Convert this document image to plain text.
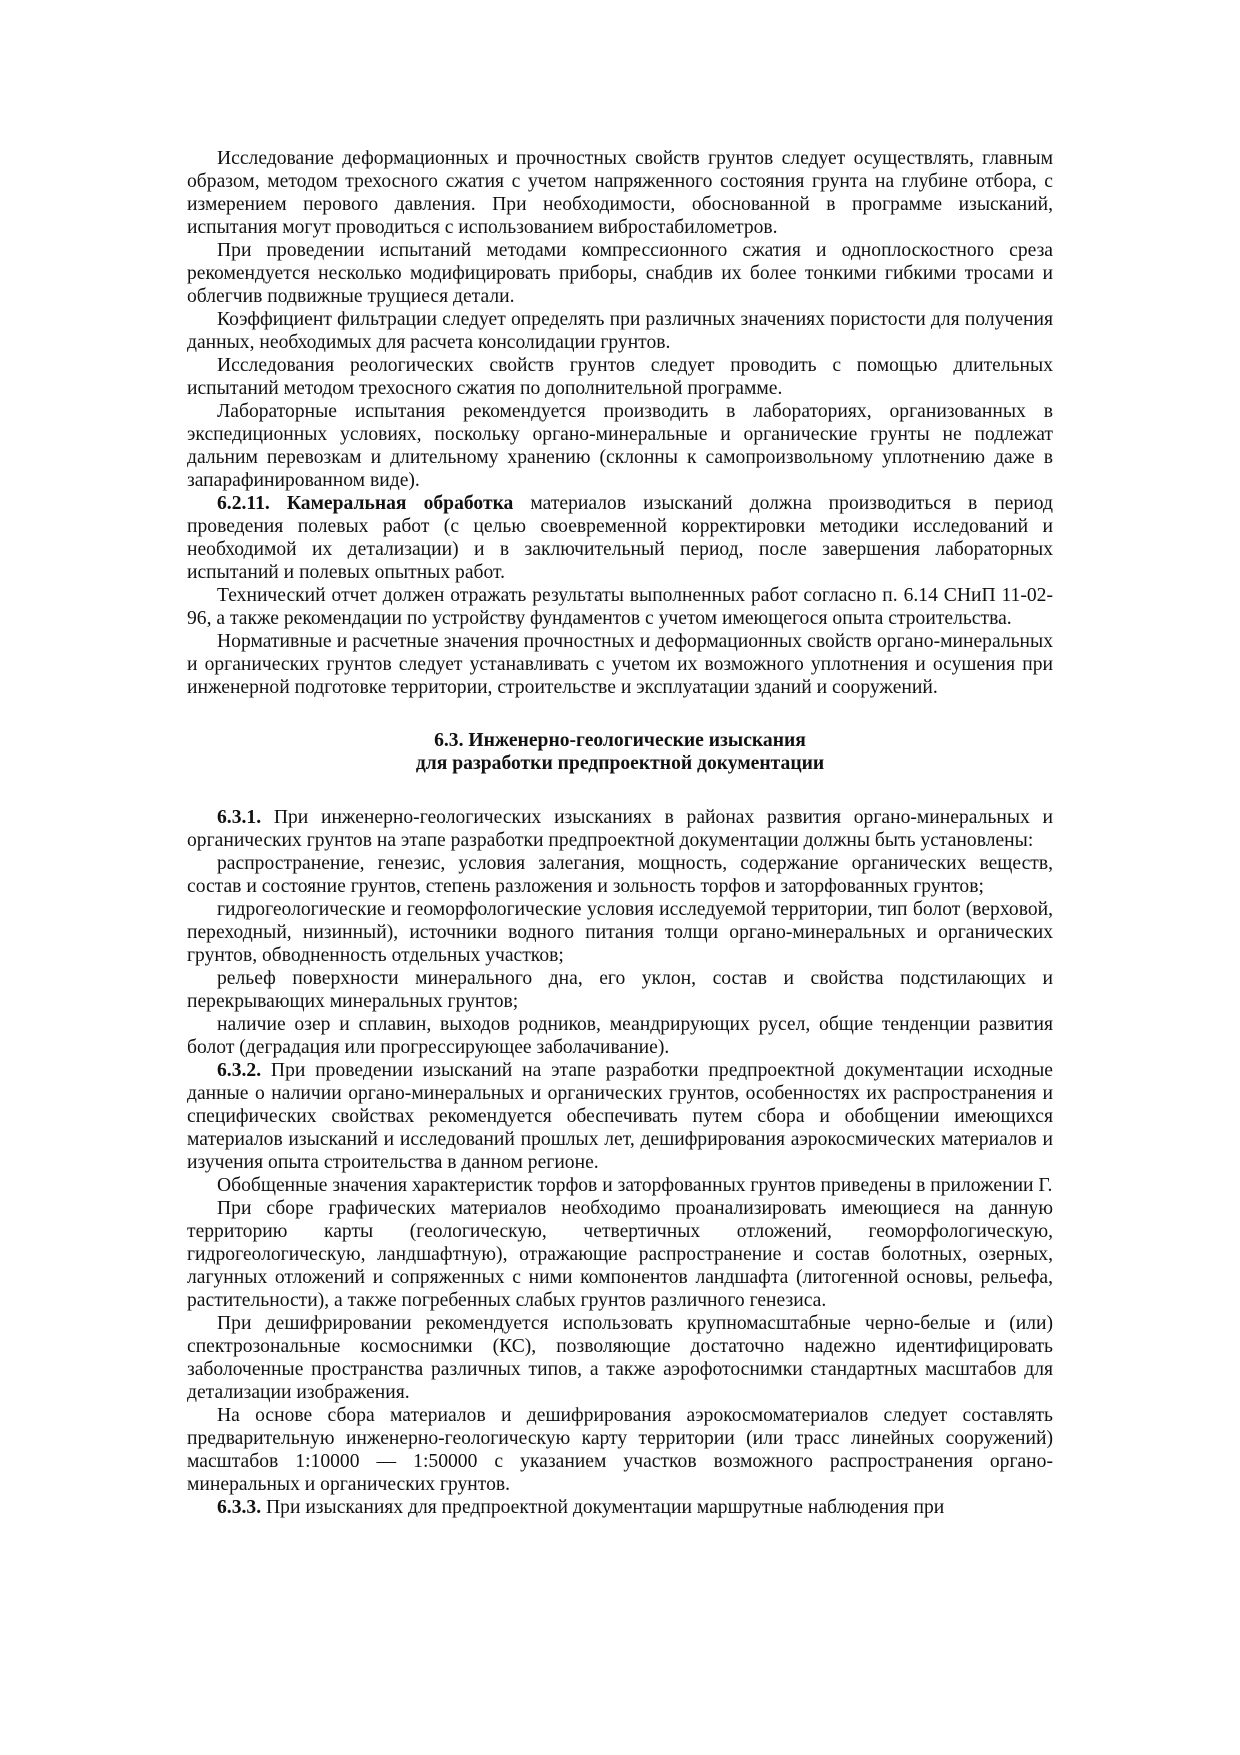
Исследование деформационных и прочностных свойств грунтов следует осуществлять, главным образом, методом трехосного сжатия с учетом напряженного состояния грунта на глубине отбора, с измерением перового давления. При необходимости, обоснованной в программе изысканий, испытания могут проводиться с использованием вибростабилометров.

При проведении испытаний методами компрессионного сжатия и одноплоскостного среза рекомендуется несколько модифицировать приборы, снабдив их более тонкими гибкими тросами и облегчив подвижные трущиеся детали.

Коэффициент фильтрации следует определять при различных значениях пористости для получения данных, необходимых для расчета консолидации грунтов.

Исследования реологических свойств грунтов следует проводить с помощью длительных испытаний методом трехосного сжатия по дополнительной программе.

Лабораторные испытания рекомендуется производить в лабораториях, организованных в экспедиционных условиях, поскольку органо-минеральные и органические грунты не подлежат дальним перевозкам и длительному хранению (склонны к самопроизвольному уплотнению даже в запарафинированном виде).

6.2.11. Камеральная обработка материалов изысканий должна производиться в период проведения полевых работ (с целью своевременной корректировки методики исследований и необходимой их детализации) и в заключительный период, после завершения лабораторных испытаний и полевых опытных работ.

Технический отчет должен отражать результаты выполненных работ согласно п. 6.14 СНиП 11-02-96, а также рекомендации по устройству фундаментов с учетом имеющегося опыта строительства.

Нормативные и расчетные значения прочностных и деформационных свойств органо-минеральных и органических грунтов следует устанавливать с учетом их возможного уплотнения и осушения при инженерной подготовке территории, строительстве и эксплуатации зданий и сооружений.

6.3. Инженерно-геологические изыскания
для разработки предпроектной документации

6.3.1. При инженерно-геологических изысканиях в районах развития органо-минеральных и органических грунтов на этапе разработки предпроектной документации должны быть установлены:

распространение, генезис, условия залегания, мощность, содержание органических веществ, состав и состояние грунтов, степень разложения и зольность торфов и заторфованных грунтов;

гидрогеологические и геоморфологические условия исследуемой территории, тип болот (верховой, переходный, низинный), источники водного питания толщи органо-минеральных и органических грунтов, обводненность отдельных участков;

рельеф поверхности минерального дна, его уклон, состав и свойства подстилающих и перекрывающих минеральных грунтов;

наличие озер и сплавин, выходов родников, меандрирующих русел, общие тенденции развития болот (деградация или прогрессирующее заболачивание).

6.3.2. При проведении изысканий на этапе разработки предпроектной документации исходные данные о наличии органо-минеральных и органических грунтов, особенностях их распространения и специфических свойствах рекомендуется обеспечивать путем сбора и обобщении имеющихся материалов изысканий и исследований прошлых лет, дешифрирования аэрокосмических материалов и изучения опыта строительства в данном регионе.

Обобщенные значения характеристик торфов и заторфованных грунтов приведены в приложении Г.

При сборе графических материалов необходимо проанализировать имеющиеся на данную территорию карты (геологическую, четвертичных отложений, геоморфологическую, гидрогеологическую, ландшафтную), отражающие распространение и состав болотных, озерных, лагунных отложений и сопряженных с ними компонентов ландшафта (литогенной основы, рельефа, растительности), а также погребенных слабых грунтов различного генезиса.

При дешифрировании рекомендуется использовать крупномасштабные черно-белые и (или) спектрозональные космоснимки (КС), позволяющие достаточно надежно идентифицировать заболоченные пространства различных типов, а также аэрофотоснимки стандартных масштабов для детализации изображения.

На основе сбора материалов и дешифрирования аэрокосмоматериалов следует составлять предварительную инженерно-геологическую карту территории (или трасс линейных сооружений) масштабов 1:10000 — 1:50000 с указанием участков возможного распространения органо-минеральных и органических грунтов.

6.3.3. При изысканиях для предпроектной документации маршрутные наблюдения при
